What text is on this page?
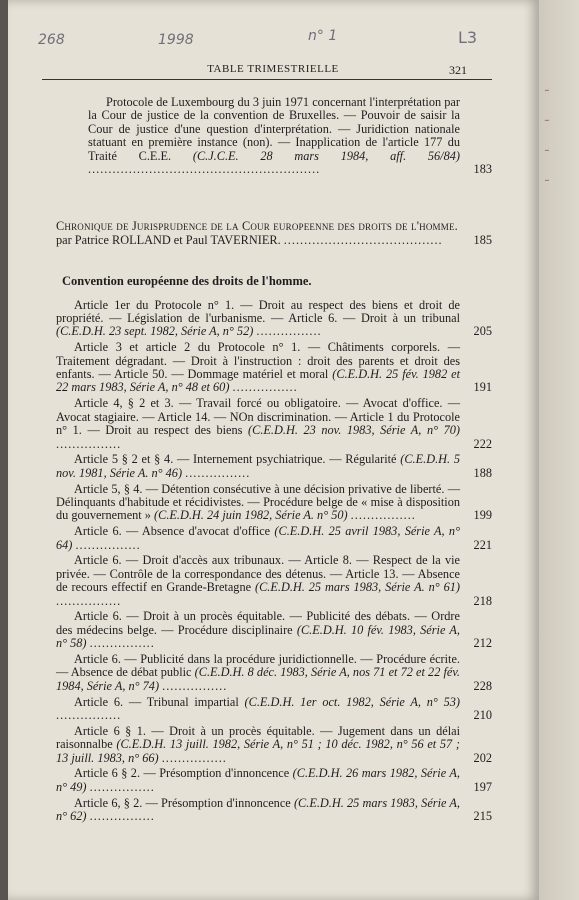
268	1998	n° 1	L3
TABLE TRIMESTRIELLE	321
Protocole de Luxembourg du 3 juin 1971 concernant l'interprétation par la Cour de justice de la convention de Bruxelles. — Pouvoir de saisir la Cour de justice d'une question d'interprétation. — Juridiction nationale statuant en première instance (non). — Inapplication de l'article 177 du Traité C.E.E. (C.J.C.E. 28 mars 1984, aff. 56/84) .........................................................	183
Chronique de Jurisprudence de la Cour europeenne des droits de l'homme.
par Patrice ROLLAND et Paul TAVERNIER. .......................................	185
Convention européenne des droits de l'homme.
Article 1er du Protocole n° 1. — Droit au respect des biens et droit de propriété. — Législation de l'urbanisme. — Article 6. — Droit à un tribunal (C.E.D.H. 23 sept. 1982, Série A, n° 52) ................	205
Article 3 et article 2 du Protocole n° 1. — Châtiments corporels. — Traitement dégradant. — Droit à l'instruction : droit des parents et droit des enfants. — Article 50. — Dommage matériel et moral (C.E.D.H. 25 fév. 1982 et 22 mars 1983, Série A, n° 48 et 60) ................	191
Article 4, § 2 et 3. — Travail forcé ou obligatoire. — Avocat d'office. — Avocat stagiaire. — Article 14. — NOn discrimination. — Article 1 du Protocole n° 1. — Droit au respect des biens (C.E.D.H. 23 nov. 1983, Série A, n° 70) ................	222
Article 5 § 2 et § 4. — Internement psychiatrique. — Régularité (C.E.D.H. 5 nov. 1981, Série A. n° 46) ................	188
Article 5, § 4. — Détention consécutive à une décision privative de liberté. — Délinquants d'habitude et récidivistes. — Procédure belge de « mise à disposition du gouvernement » (C.E.D.H. 24 juin 1982, Série A. n° 50) ................	199
Article 6. — Absence d'avocat d'office (C.E.D.H. 25 avril 1983, Série A, n° 64) ................	221
Article 6. — Droit d'accès aux tribunaux. — Article 8. — Respect de la vie privée. — Contrôle de la correspondance des détenus. — Article 13. — Absence de recours effectif en Grande-Bretagne (C.E.D.H. 25 mars 1983, Série A. n° 61) ................	218
Article 6. — Droit à un procès équitable. — Publicité des débats. — Ordre des médecins belge. — Procédure disciplinaire (C.E.D.H. 10 fév. 1983, Série A, n° 58) ................	212
Article 6. — Publicité dans la procédure juridictionnelle. — Procédure écrite. — Absence de débat public (C.E.D.H. 8 déc. 1983, Série A, nos 71 et 72 et 22 fév. 1984, Série A, n° 74) ................	228
Article 6. — Tribunal impartial (C.E.D.H. 1er oct. 1982, Série A, n° 53) ................	210
Article 6 § 1. — Droit à un procès équitable. — Jugement dans un délai raisonnalbe (C.E.D.H. 13 juill. 1982, Série A, n° 51 ; 10 déc. 1982, n° 56 et 57 ; 13 juill. 1983, n° 66) ................	202
Article 6 § 2. — Présomption d'innoncence (C.E.D.H. 26 mars 1982, Série A, n° 49) ................	197
Article 6, § 2. — Présomption d'innoncence (C.E.D.H. 25 mars 1983, Série A, n° 62) ................	215
ـ
ـ
ـ
ـ
